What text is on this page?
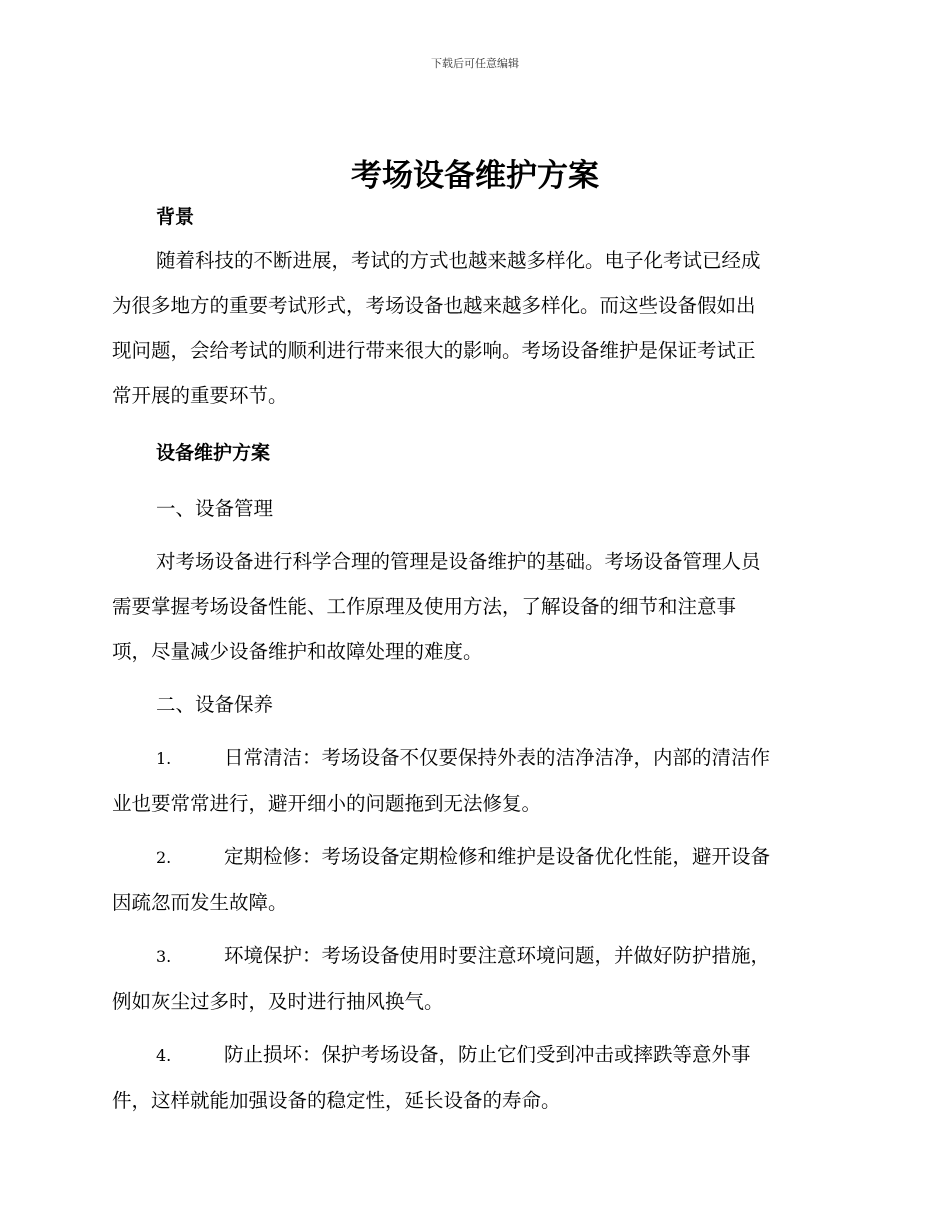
下载后可任意编辑
考场设备维护方案
背景
随着科技的不断进展，考试的方式也越来越多样化。电子化考试已经成
为很多地方的重要考试形式，考场设备也越来越多样化。而这些设备假如出
现问题，会给考试的顺利进行带来很大的影响。考场设备维护是保证考试正
常开展的重要环节。
设备维护方案
一、设备管理
对考场设备进行科学合理的管理是设备维护的基础。考场设备管理人员
需要掌握考场设备性能、工作原理及使用方法，了解设备的细节和注意事
项，尽量减少设备维护和故障处理的难度。
二、设备保养
1.	日常清洁：考场设备不仅要保持外表的洁净洁净，内部的清洁作
业也要常常进行，避开细小的问题拖到无法修复。
2.	定期检修：考场设备定期检修和维护是设备优化性能，避开设备
因疏忽而发生故障。
3.	环境保护：考场设备使用时要注意环境问题，并做好防护措施，
例如灰尘过多时，及时进行抽风换气。
4.	防止损坏：保护考场设备，防止它们受到冲击或摔跌等意外事
件，这样就能加强设备的稳定性，延长设备的寿命。
